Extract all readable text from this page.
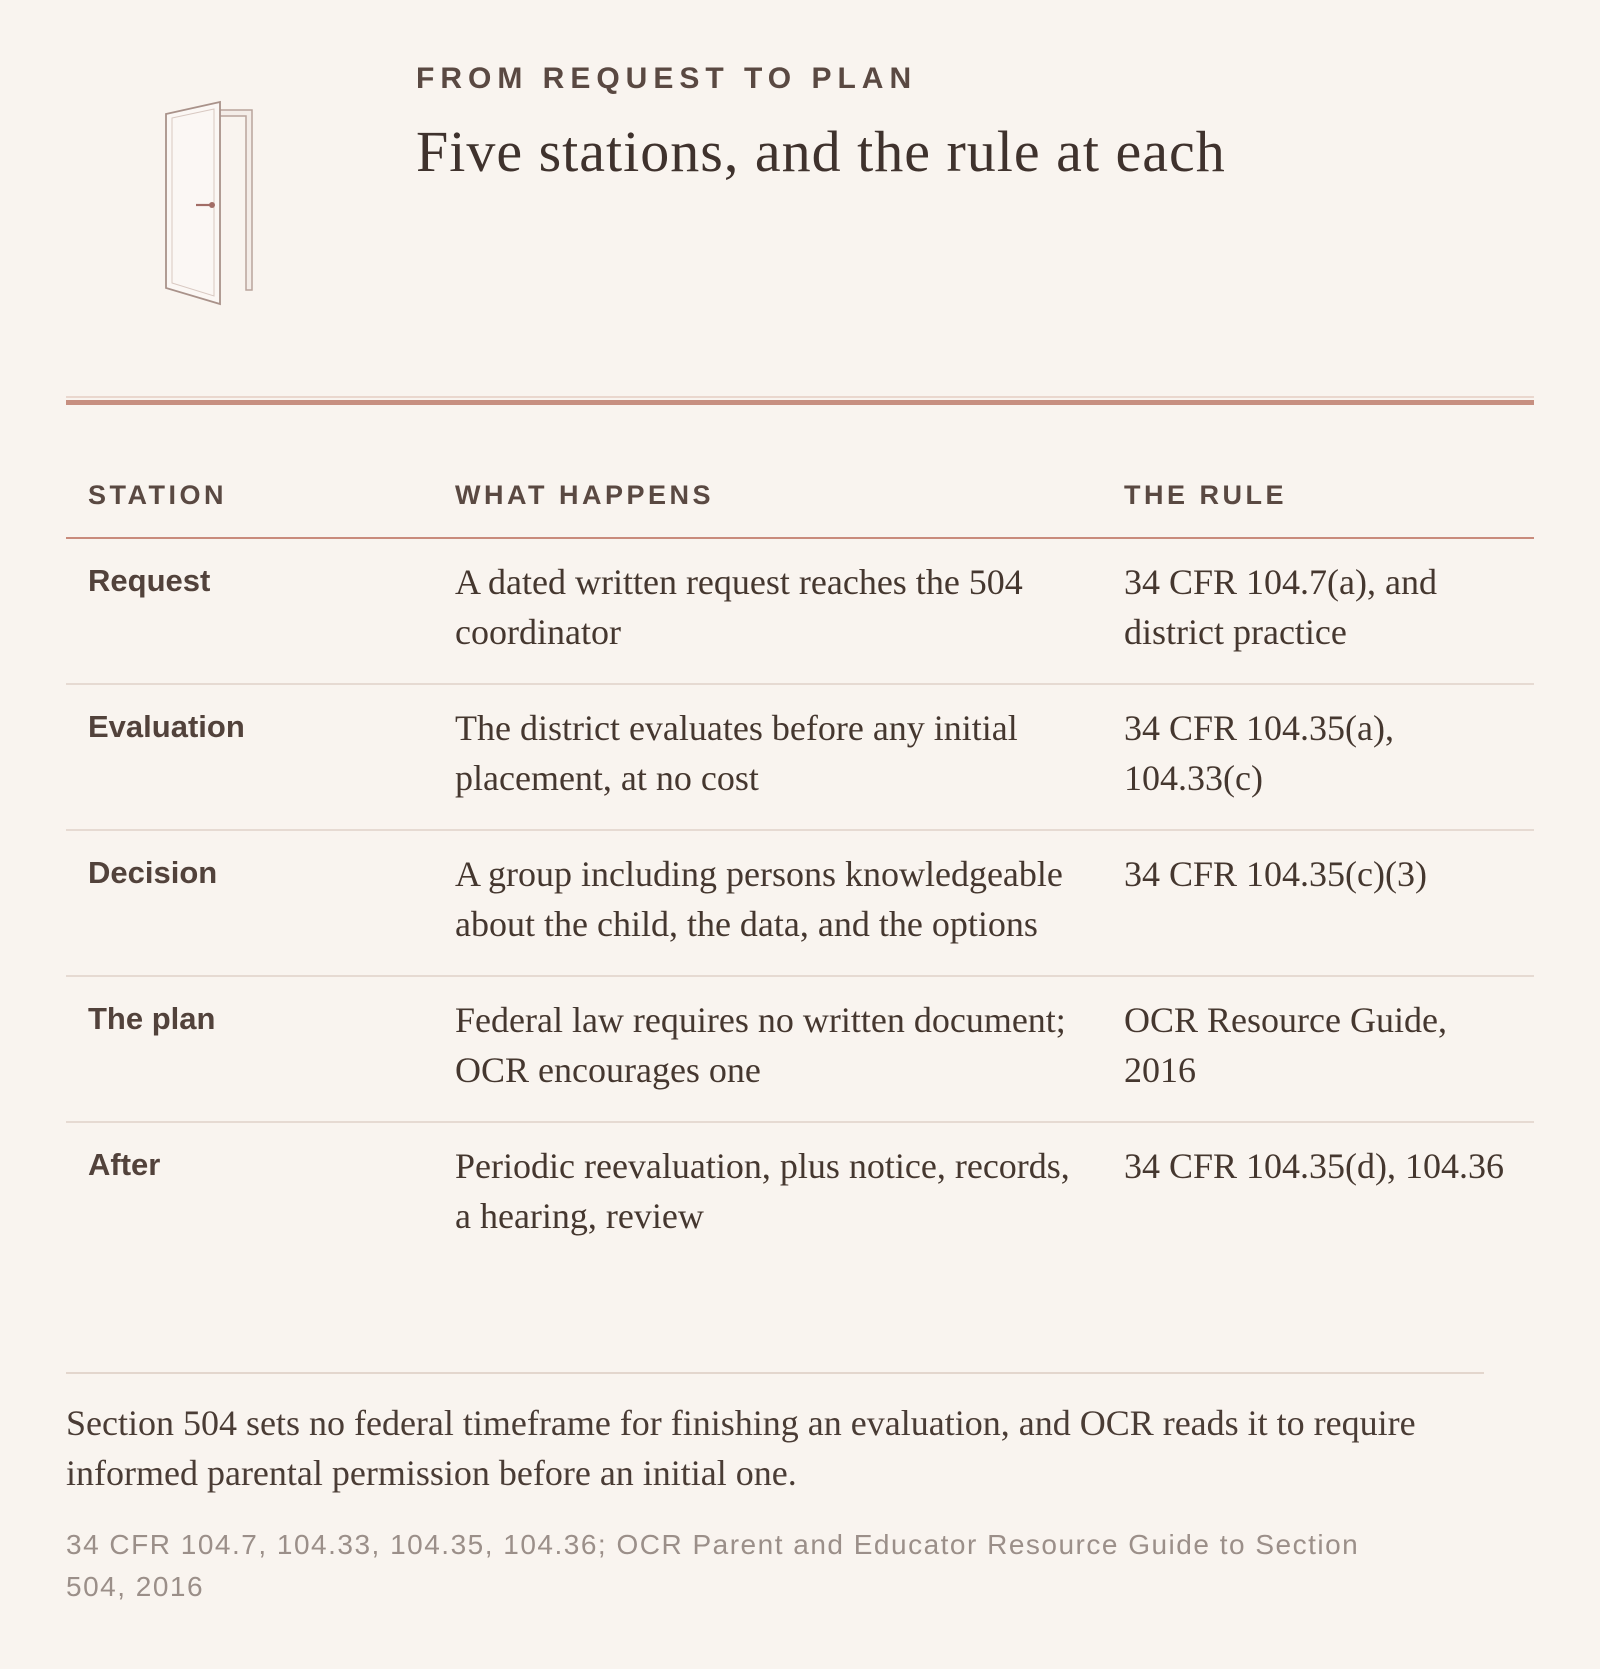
FROM REQUEST TO PLAN

Five stations, and the rule at each
STATION	WHAT HAPPENS	THE RULE
Request	A dated written request reaches the 504 coordinator	34 CFR 104.7(a), and district practice
Evaluation	The district evaluates before any initial placement, at no cost	34 CFR 104.35(a), 104.33(c)
Decision	A group including persons knowledgeable about the child, the data, and the options	34 CFR 104.35(c)(3)
The plan	Federal law requires no written document; OCR encourages one	OCR Resource Guide, 2016
After	Periodic reevaluation, plus notice, records, a hearing, review	34 CFR 104.35(d), 104.36

Section 504 sets no federal timeframe for finishing an evaluation, and OCR reads it to require informed parental permission before an initial one.

34 CFR 104.7, 104.33, 104.35, 104.36; OCR Parent and Educator Resource Guide to Section 504, 2016
